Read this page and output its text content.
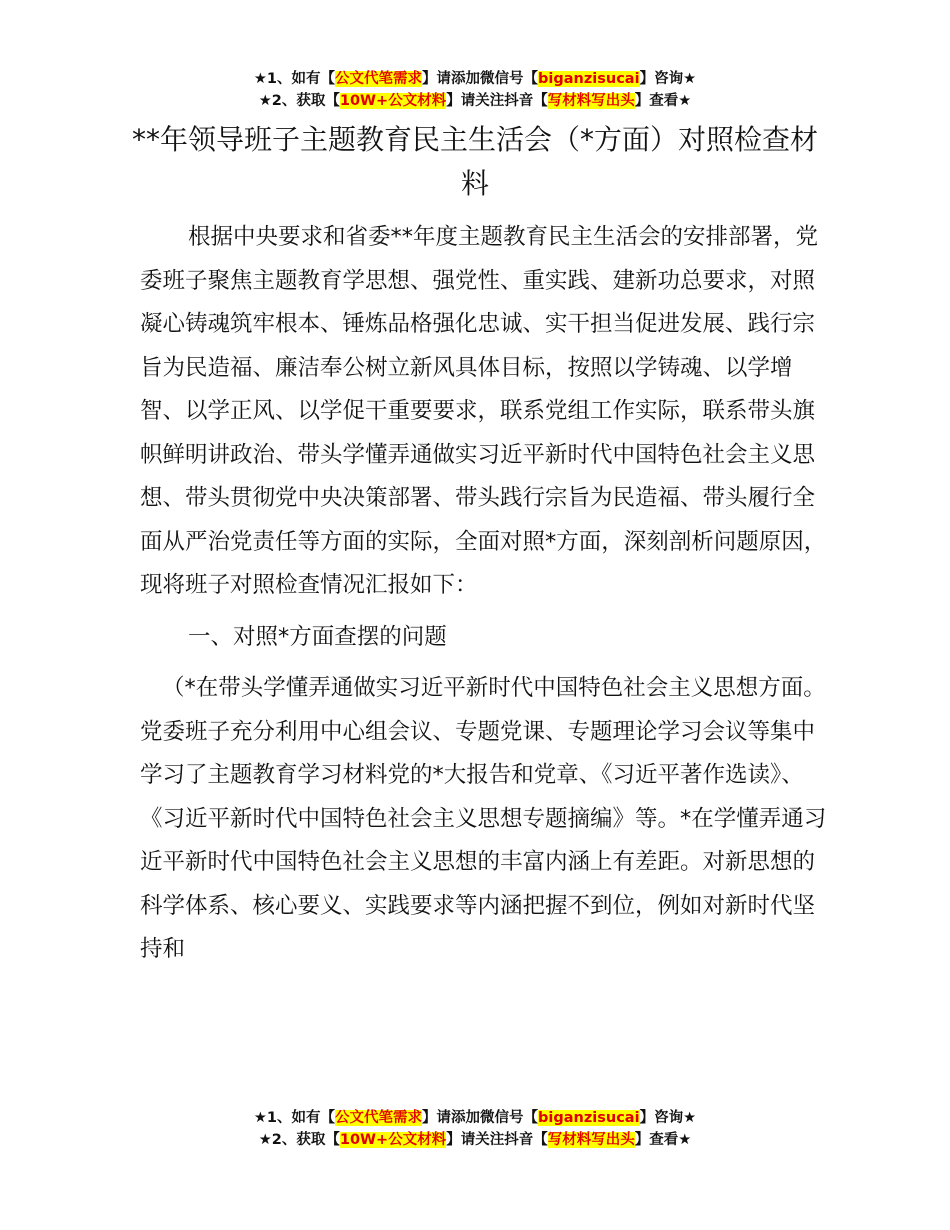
★1、如有【公文代笔需求】请添加微信号【biganzisucai】咨询★
★2、获取【10W+公文材料】请关注抖音【写材料写出头】查看★
**年领导班子主题教育民主生活会（*方面）对照检查材料

根据中央要求和省委**年度主题教育民主生活会的安排部署，党委班子聚焦主题教育学思想、强党性、重实践、建新功总要求，对照凝心铸魂筑牢根本、锤炼品格强化忠诚、实干担当促进发展、践行宗旨为民造福、廉洁奉公树立新风具体目标，按照以学铸魂、以学增智、以学正风、以学促干重要要求，联系党组工作实际，联系带头旗帜鲜明讲政治、带头学懂弄通做实习近平新时代中国特色社会主义思想、带头贯彻党中央决策部署、带头践行宗旨为民造福、带头履行全面从严治党责任等方面的实际，全面对照*方面，深刻剖析问题原因，现将班子对照检查情况汇报如下：

一、对照*方面查摆的问题

（*在带头学懂弄通做实习近平新时代中国特色社会主义思想方面。党委班子充分利用中心组会议、专题党课、专题理论学习会议等集中学习了主题教育学习材料党的*大报告和党章、《习近平著作选读》、《习近平新时代中国特色社会主义思想专题摘编》等。*在学懂弄通习近平新时代中国特色社会主义思想的丰富内涵上有差距。对新思想的科学体系、核心要义、实践要求等内涵把握不到位，例如对新时代坚持和

★1、如有【公文代笔需求】请添加微信号【biganzisucai】咨询★
★2、获取【10W+公文材料】请关注抖音【写材料写出头】查看★
